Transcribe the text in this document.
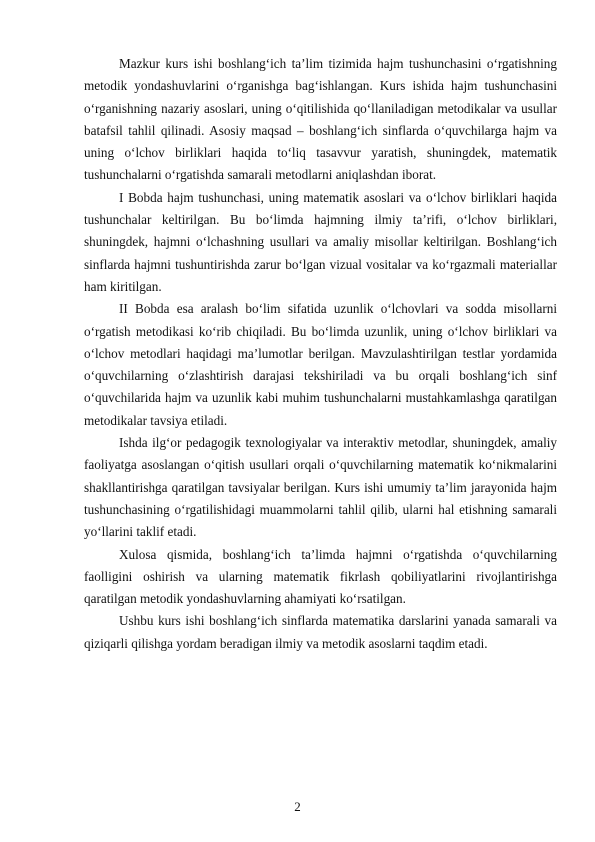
Mazkur kurs ishi boshlang‘ich ta’lim tizimida hajm tushunchasini o‘rgatishning metodik yondashuvlarini o‘rganishga bag‘ishlangan. Kurs ishida hajm tushunchasini o‘rganishning nazariy asoslari, uning o‘qitilishida qo‘llaniladigan metodikalar va usullar batafsil tahlil qilinadi. Asosiy maqsad – boshlang‘ich sinflarda o‘quvchilarga hajm va uning o‘lchov birliklari haqida to‘liq tasavvur yaratish, shuningdek, matematik tushunchalarni o‘rgatishda samarali metodlarni aniqlashdan iborat.

I Bobda hajm tushunchasi, uning matematik asoslari va o‘lchov birliklari haqida tushunchalar keltirilgan. Bu bo‘limda hajmning ilmiy ta’rifi, o‘lchov birliklari, shuningdek, hajmni o‘lchashning usullari va amaliy misollar keltirilgan. Boshlang‘ich sinflarda hajmni tushuntirishda zarur bo‘lgan vizual vositalar va ko‘rgazmali materiallar ham kiritilgan.

II Bobda esa aralash bo‘lim sifatida uzunlik o‘lchovlari va sodda misollarni o‘rgatish metodikasi ko‘rib chiqiladi. Bu bo‘limda uzunlik, uning o‘lchov birliklari va o‘lchov metodlari haqidagi ma’lumotlar berilgan. Mavzulashtirilgan testlar yordamida o‘quvchilarning o‘zlashtirish darajasi tekshiriladi va bu orqali boshlang‘ich sinf o‘quvchilarida hajm va uzunlik kabi muhim tushunchalarni mustahkamlashga qaratilgan metodikalar tavsiya etiladi.

Ishda ilg‘or pedagogik texnologiyalar va interaktiv metodlar, shuningdek, amaliy faoliyatga asoslangan o‘qitish usullari orqali o‘quvchilarning matematik ko‘nikmalarini shakllantirishga qaratilgan tavsiyalar berilgan. Kurs ishi umumiy ta’lim jarayonida hajm tushunchasining o‘rgatilishidagi muammolarni tahlil qilib, ularni hal etishning samarali yo‘llarini taklif etadi.

Xulosa qismida, boshlang‘ich ta’limda hajmni o‘rgatishda o‘quvchilarning faolligini oshirish va ularning matematik fikrlash qobiliyatlarini rivojlantirishga qaratilgan metodik yondashuvlarning ahamiyati ko‘rsatilgan.

Ushbu kurs ishi boshlang‘ich sinflarda matematika darslarini yanada samarali va qiziqarli qilishga yordam beradigan ilmiy va metodik asoslarni taqdim etadi.

2
